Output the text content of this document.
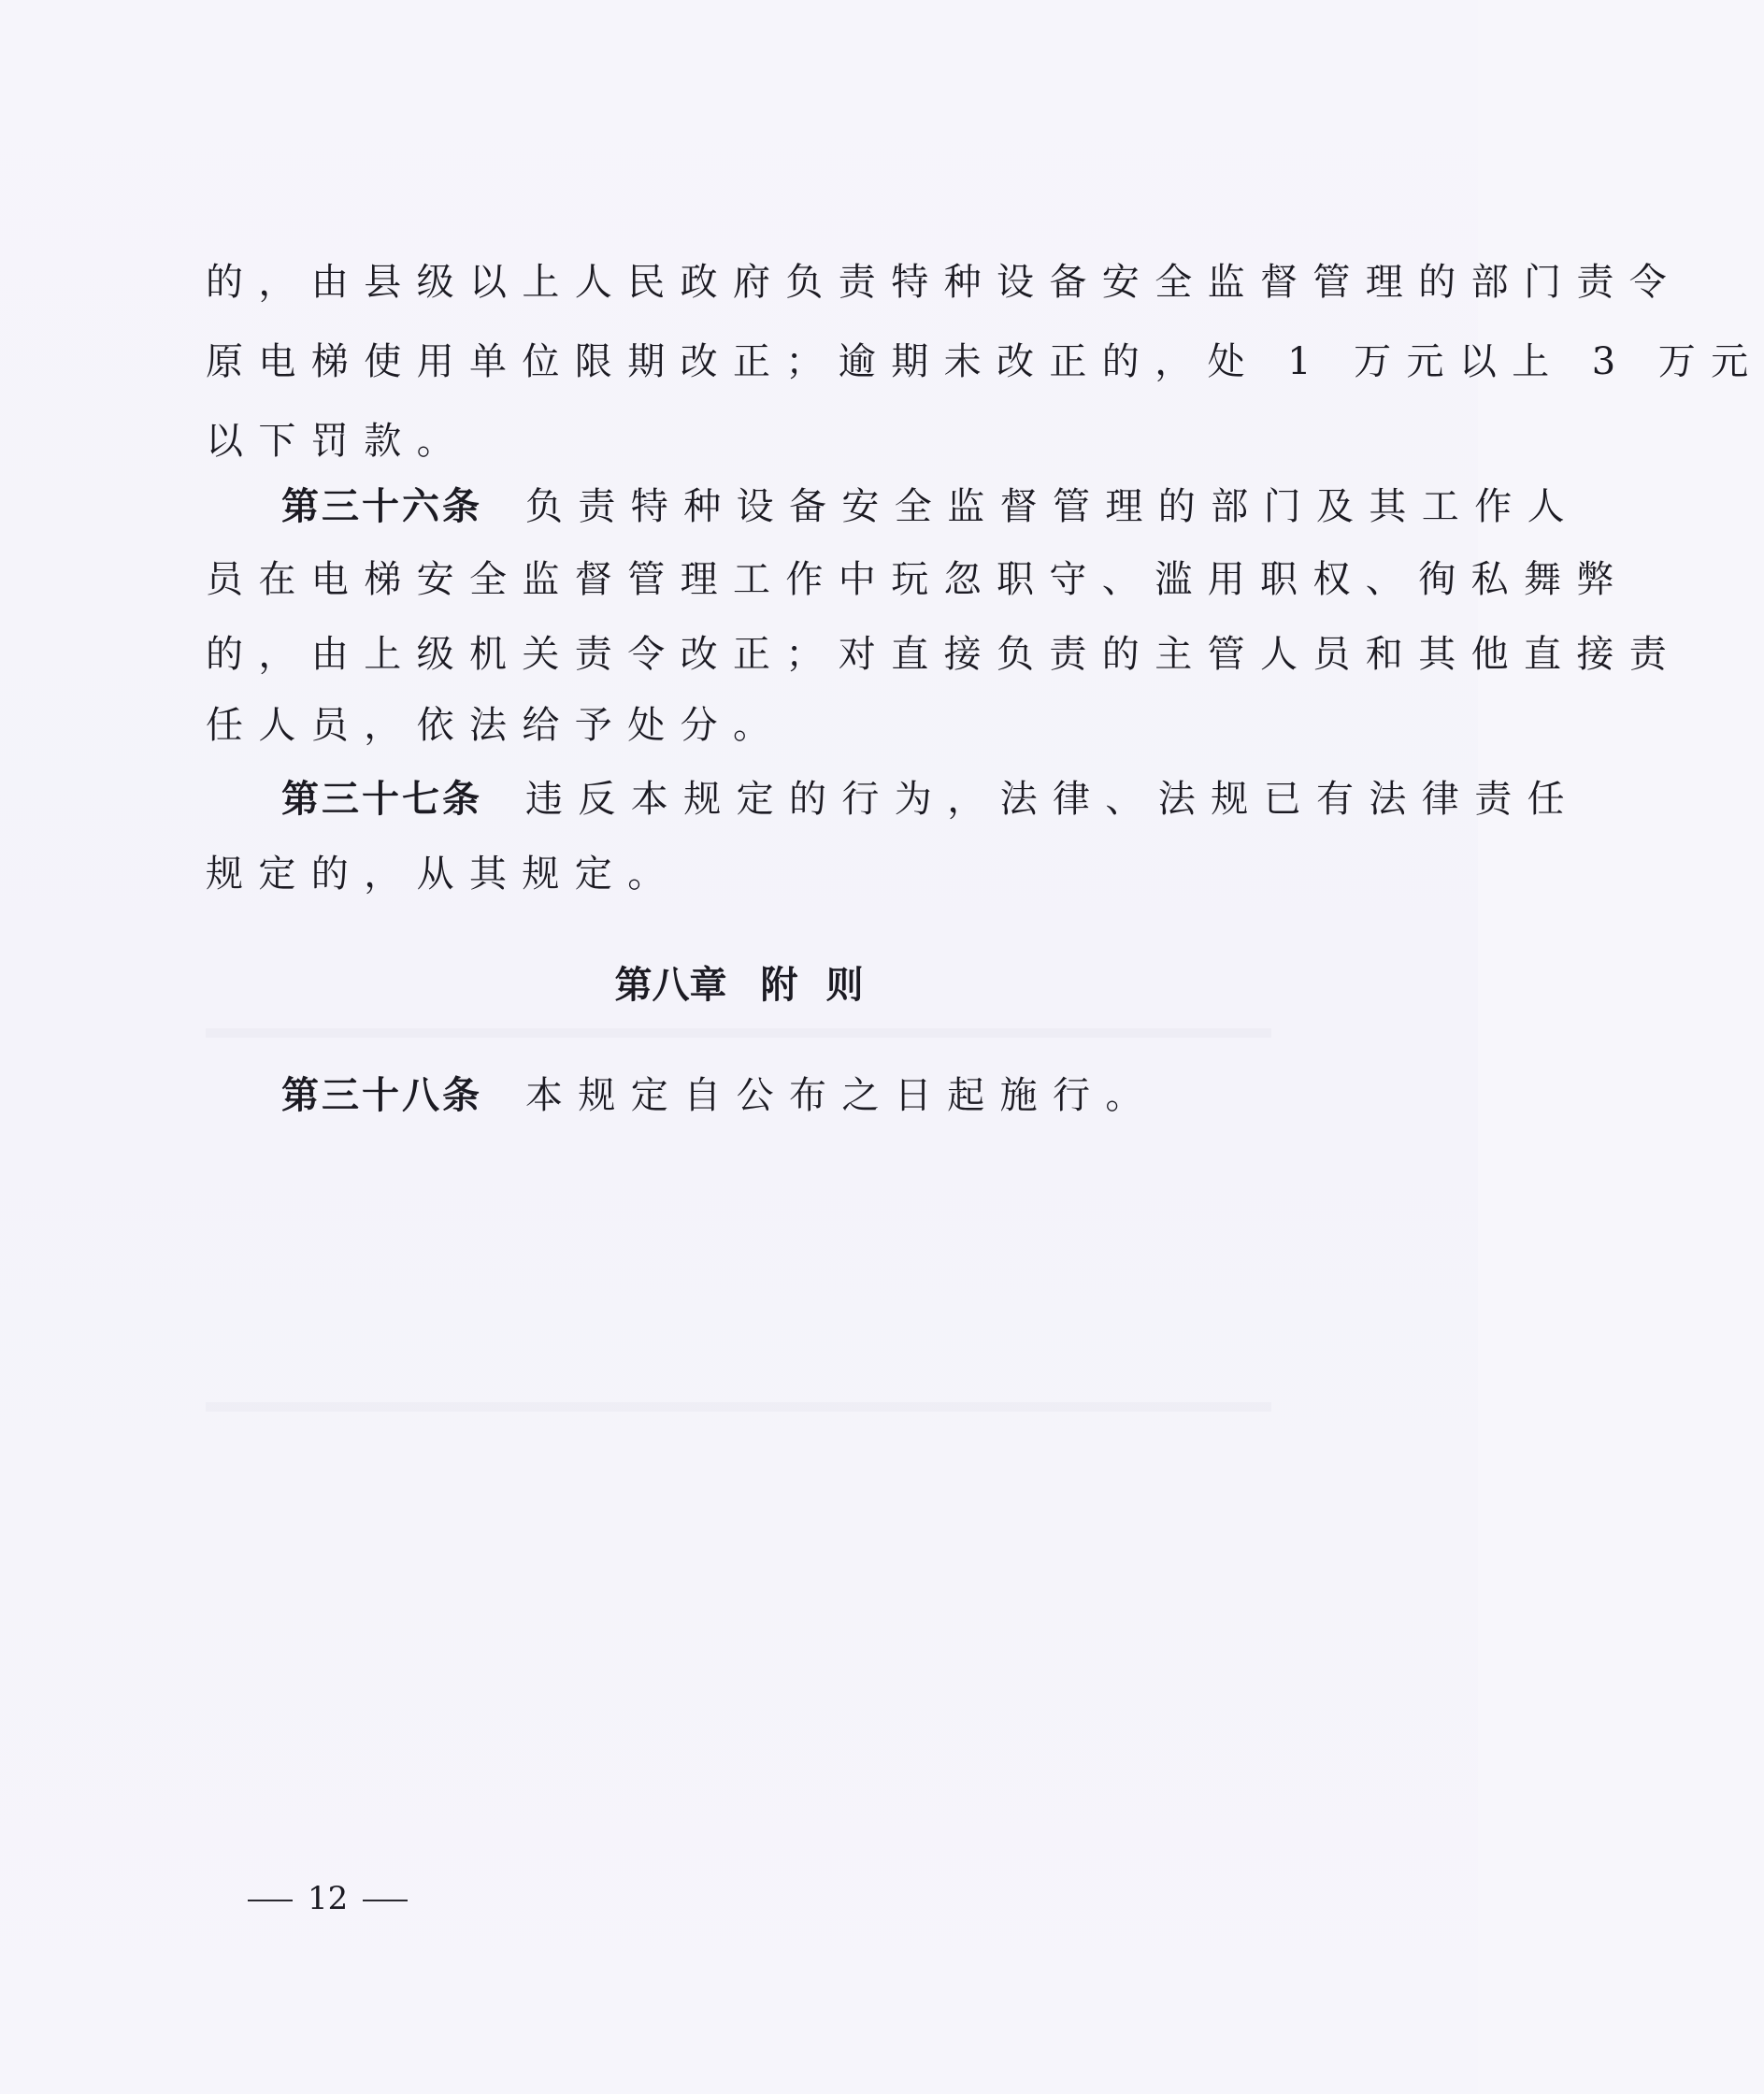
的，由县级以上人民政府负责特种设备安全监督管理的部门责令
原电梯使用单位限期改正；逾期未改正的，处 1 万元以上 3 万元
以下罚款。
第三十六条 负责特种设备安全监督管理的部门及其工作人
员在电梯安全监督管理工作中玩忽职守、滥用职权、徇私舞弊
的，由上级机关责令改正；对直接负责的主管人员和其他直接责
任人员，依法给予处分。
第三十七条 违反本规定的行为，法律、法规已有法律责任
规定的，从其规定。
第八章 附 则
第三十八条 本规定自公布之日起施行。
12
